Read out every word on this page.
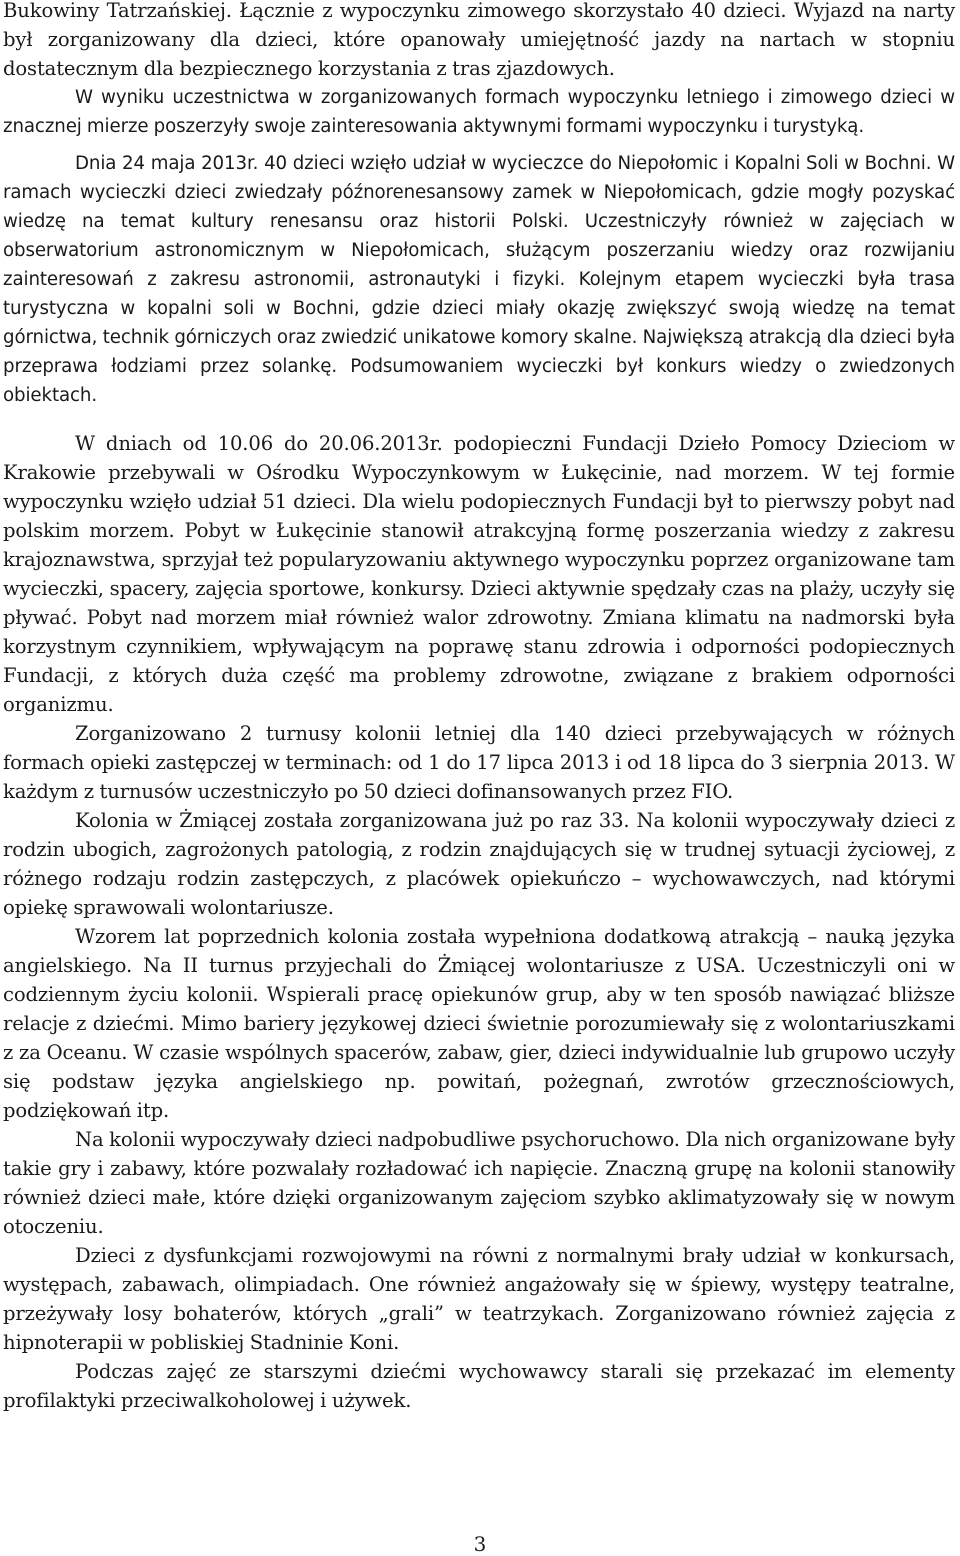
Bukowiny Tatrzańskiej. Łącznie z wypoczynku zimowego skorzystało 40 dzieci. Wyjazd na narty był zorganizowany dla dzieci, które opanowały umiejętność jazdy na nartach w stopniu dostatecznym dla bezpiecznego korzystania z tras zjazdowych.

W wyniku uczestnictwa w zorganizowanych formach wypoczynku letniego i zimowego dzieci w znacznej mierze poszerzyły swoje zainteresowania aktywnymi formami wypoczynku i turystyką.

Dnia 24 maja 2013r. 40 dzieci wzięło udział w wycieczce do Niepołomic i Kopalni Soli w Bochni. W ramach wycieczki dzieci zwiedzały późnorenesansowy zamek w Niepołomicach, gdzie mogły pozyskać wiedzę na temat kultury renesansu oraz historii Polski. Uczestniczyły również w zajęciach w obserwatorium astronomicznym w Niepołomicach, służącym poszerzaniu wiedzy oraz rozwijaniu zainteresowań z zakresu astronomii, astronautyki i fizyki. Kolejnym etapem wycieczki była trasa turystyczna w kopalni soli w Bochni, gdzie dzieci miały okazję zwiększyć swoją wiedzę na temat górnictwa, technik górniczych oraz zwiedzić unikatowe komory skalne. Największą atrakcją dla dzieci była przeprawa łodziami przez solankę. Podsumowaniem wycieczki był konkurs wiedzy o zwiedzonych obiektach.

W dniach od 10.06 do 20.06.2013r. podopieczni Fundacji Dzieło Pomocy Dzieciom w Krakowie przebywali w Ośrodku Wypoczynkowym w Łukęcinie, nad morzem. W tej formie wypoczynku wzięło udział 51 dzieci. Dla wielu podopiecznych Fundacji był to pierwszy pobyt nad polskim morzem. Pobyt w Łukęcinie stanowił atrakcyjną formę poszerzania wiedzy z zakresu krajoznawstwa, sprzyjał też popularyzowaniu aktywnego wypoczynku poprzez organizowane tam wycieczki, spacery, zajęcia sportowe, konkursy. Dzieci aktywnie spędzały czas na plaży, uczyły się pływać. Pobyt nad morzem miał również walor zdrowotny. Zmiana klimatu na nadmorski była korzystnym czynnikiem, wpływającym na poprawę stanu zdrowia i odporności podopiecznych Fundacji, z których duża część ma problemy zdrowotne, związane z brakiem odporności organizmu.

Zorganizowano 2 turnusy kolonii letniej dla 140 dzieci przebywających w różnych formach opieki zastępczej w terminach: od 1 do 17 lipca 2013 i od 18 lipca do 3 sierpnia 2013. W każdym z turnusów uczestniczyło po 50 dzieci dofinansowanych przez FIO.

Kolonia w Żmiącej została zorganizowana już po raz 33. Na kolonii wypoczywały dzieci z rodzin ubogich, zagrożonych patologią, z rodzin znajdujących się w trudnej sytuacji życiowej, z różnego rodzaju rodzin zastępczych, z placówek opiekuńczo – wychowawczych, nad którymi opiekę sprawowali wolontariusze.

Wzorem lat poprzednich kolonia została wypełniona dodatkową atrakcją – nauką języka angielskiego. Na II turnus przyjechali do Żmiącej wolontariusze z USA. Uczestniczyli oni w codziennym życiu kolonii. Wspierali pracę opiekunów grup, aby w ten sposób nawiązać bliższe relacje z dziećmi. Mimo bariery językowej dzieci świetnie porozumiewały się z wolontariuszkami z za Oceanu. W czasie wspólnych spacerów, zabaw, gier, dzieci indywidualnie lub grupowo uczyły się podstaw języka angielskiego np. powitań, pożegnań, zwrotów grzecznościowych, podziękowań itp.

Na kolonii wypoczywały dzieci nadpobudliwe psychoruchowo. Dla nich organizowane były takie gry i zabawy, które pozwalały rozładować ich napięcie. Znaczną grupę na kolonii stanowiły również dzieci małe, które dzięki organizowanym zajęciom szybko aklimatyzowały się w nowym otoczeniu.

Dzieci z dysfunkcjami rozwojowymi na równi z normalnymi brały udział w konkursach, występach, zabawach, olimpiadach. One również angażowały się w śpiewy, występy teatralne, przeżywały losy bohaterów, których „grali” w teatrzykach. Zorganizowano również zajęcia z hipnoterapii w pobliskiej Stadninie Koni.

Podczas zajęć ze starszymi dziećmi wychowawcy starali się przekazać im elementy profilaktyki przeciwalkoholowej i używek.

3
